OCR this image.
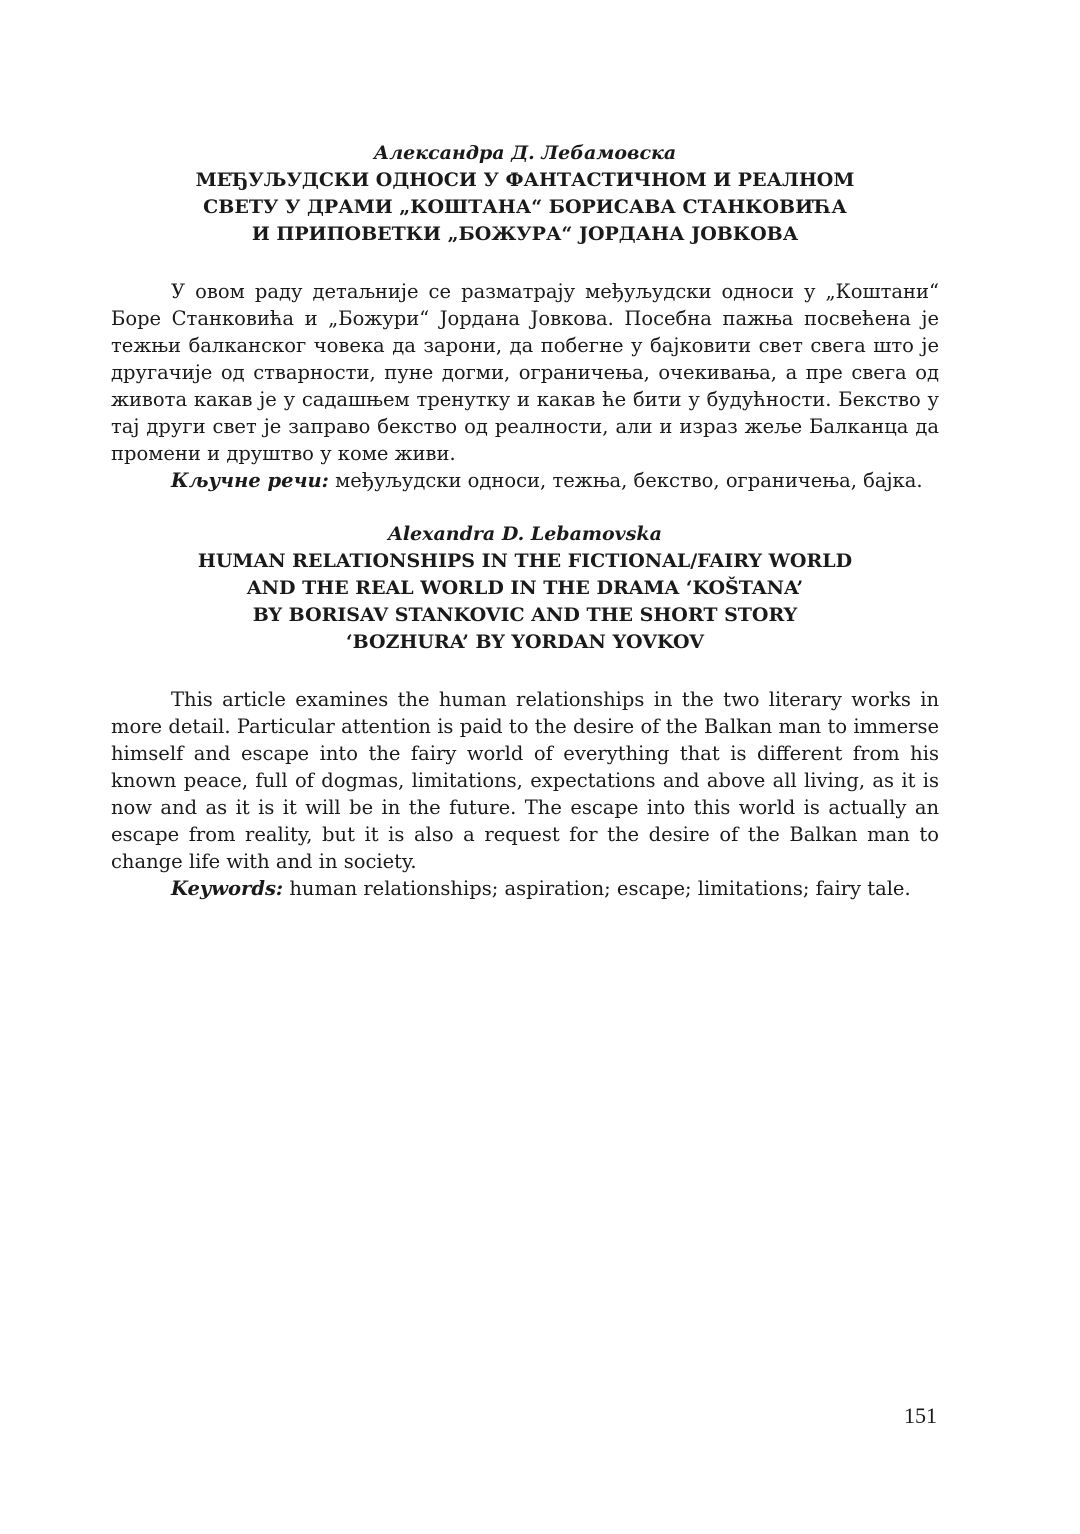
Александра Д. Лебамовска

МЕЂУЉУДСКИ ОДНОСИ У ФАНТАСТИЧНОМ И РЕАЛНОМ
СВЕТУ У ДРАМИ „КОШТАНА“ БОРИСАВА СТАНКОВИЋА
И ПРИПОВЕТКИ „БОЖУРА“ ЈОРДАНА ЈОВКОВА

У овом раду детаљније се разматрају међуљудски односи у „Коштани“ Боре Станковића и „Божури“ Јордана Јовкова. Посебна пажња посвећена је тежњи балканског човека да зарони, да побегне у бајковити свет свега што је другачије од стварности, пуне догми, ограничења, очекивања, а пре свега од живота какав је у садашњем тренутку и какав ће бити у будућности. Бекство у тај други свет је заправо бекство од реалности, али и израз жеље Балканца да промени и друштво у коме живи.

Кључне речи: међуљудски односи, тежња, бекство, ограничења, бајка.

Alexandra D. Lebamovska

HUMAN RELATIONSHIPS IN THE FICTIONAL/FAIRY WORLD
AND THE REAL WORLD IN THE DRAMA ‘KOŠTANA’
BY BORISAV STANKOVIC AND THE SHORT STORY
‘BOZHURA’ BY YORDAN YOVKOV

This article examines the human relationships in the two literary works in more detail. Particular attention is paid to the desire of the Balkan man to immerse himself and escape into the fairy world of everything that is different from his known peace, full of dogmas, limitations, expectations and above all living, as it is now and as it is it will be in the future. The escape into this world is actually an escape from reality, but it is also a request for the desire of the Balkan man to change life with and in society.

Keywords: human relationships; aspiration; escape; limitations; fairy tale.

151
